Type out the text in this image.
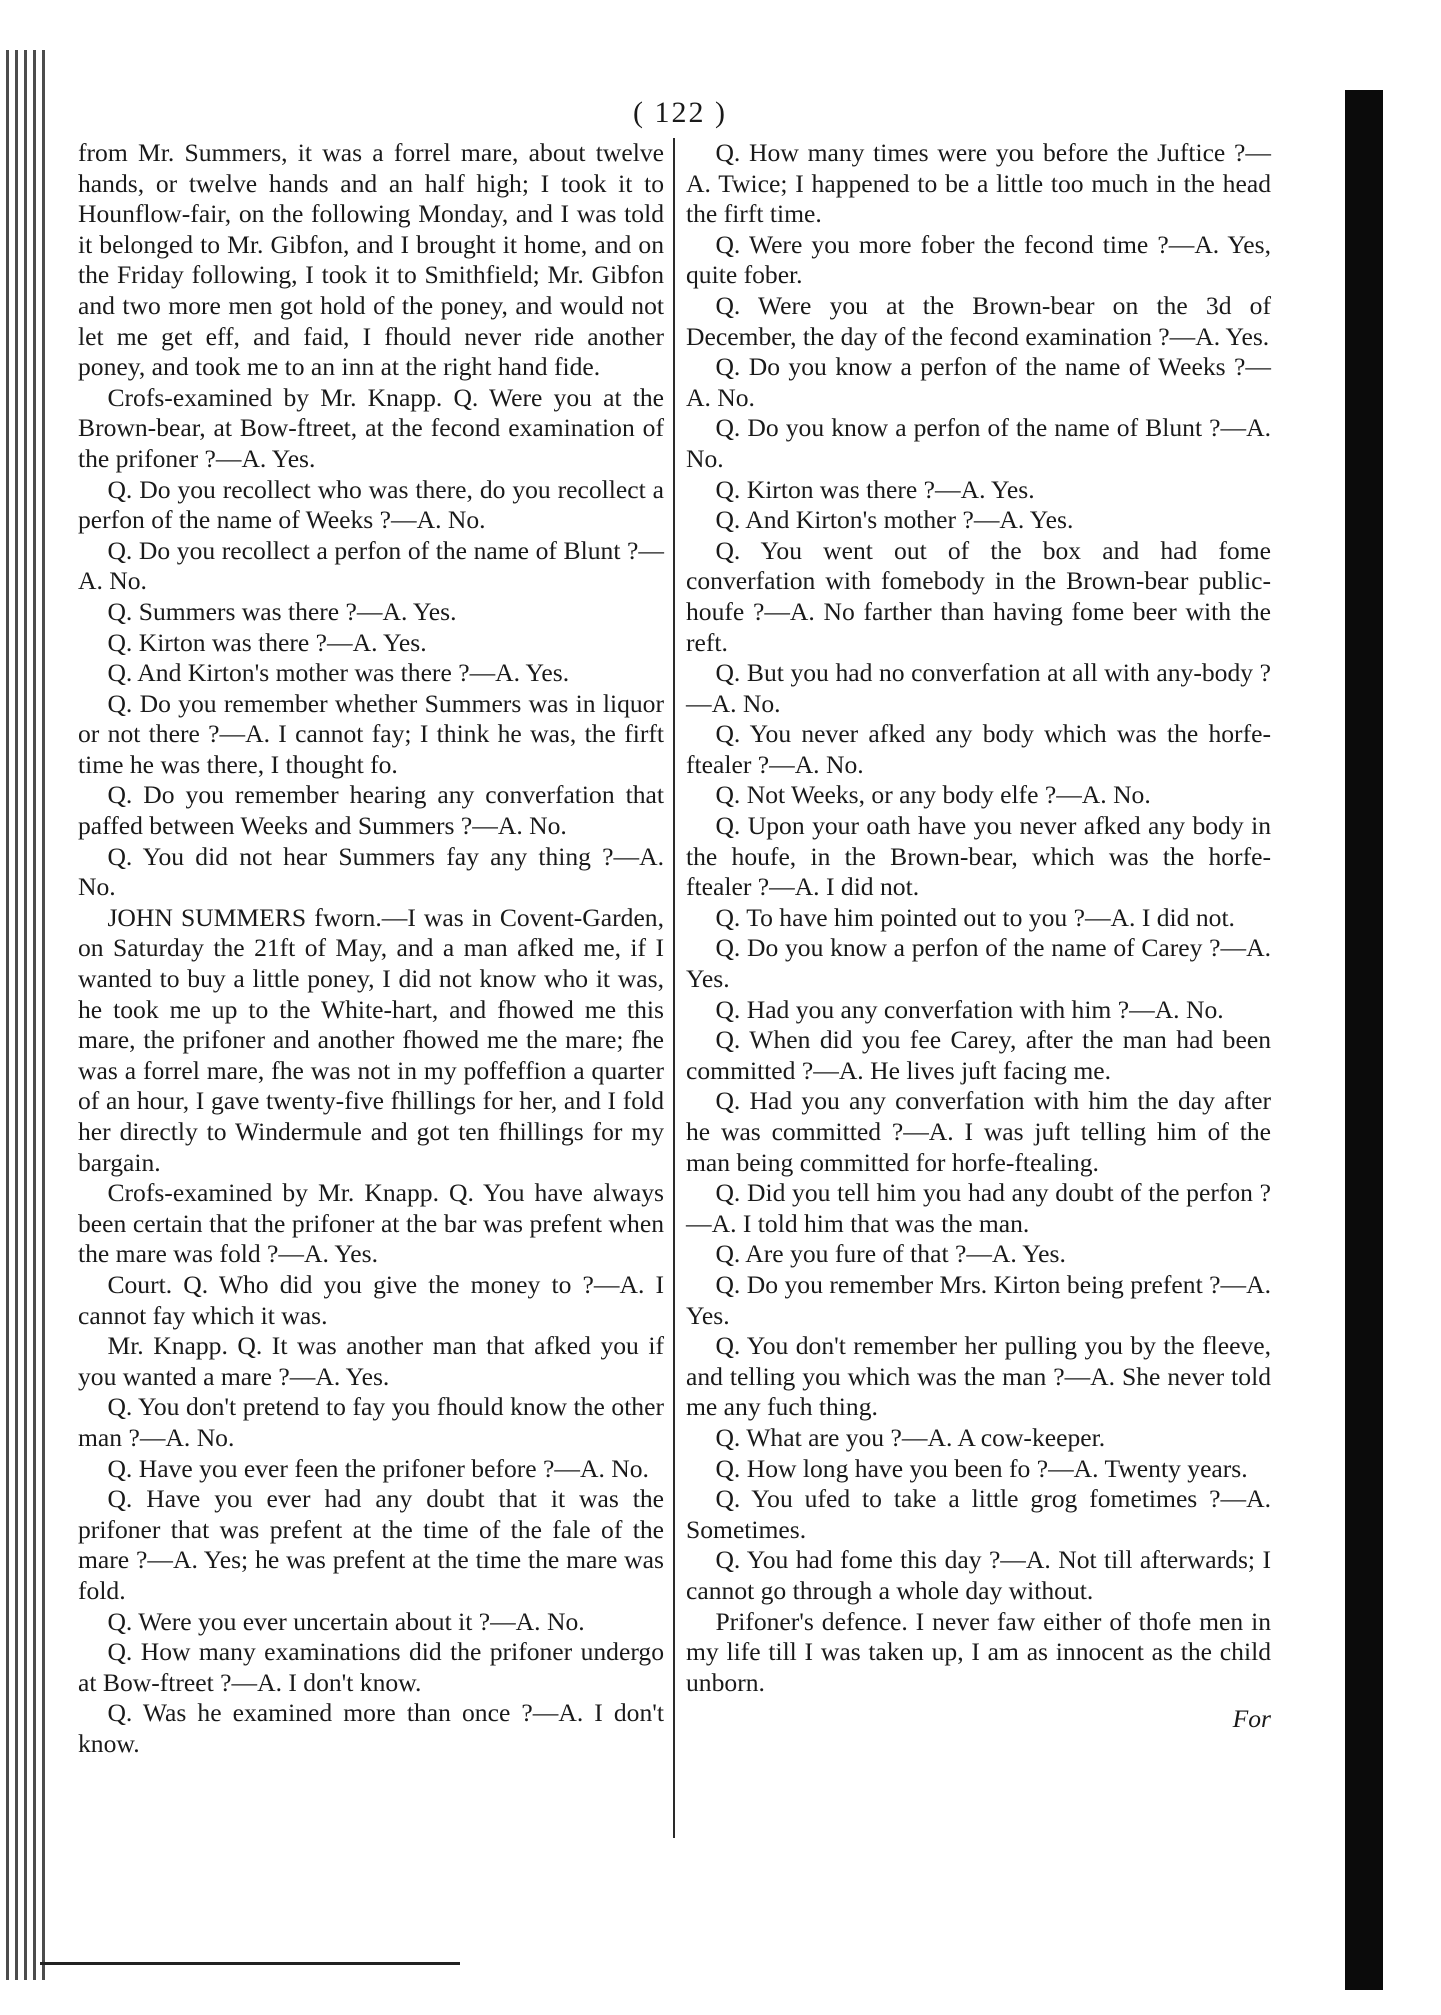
( 122 )

from Mr. Summers, it was a forrel mare, about twelve hands, or twelve hands and an half high; I took it to Hounflow-fair, on the following Monday, and I was told it belonged to Mr. Gibfon, and I brought it home, and on the Friday following, I took it to Smithfield; Mr. Gibfon and two more men got hold of the poney, and would not let me get eff, and faid, I fhould never ride another poney, and took me to an inn at the right hand fide.

Crofs-examined by Mr. Knapp. Q. Were you at the Brown-bear, at Bow-ftreet, at the fecond examination of the prifoner ?—A. Yes.

Q. Do you recollect who was there, do you recollect a perfon of the name of Weeks ?—A. No.

Q. Do you recollect a perfon of the name of Blunt ?—A. No.

Q. Summers was there ?—A. Yes.

Q. Kirton was there ?—A. Yes.

Q. And Kirton's mother was there ?—A. Yes.

Q. Do you remember whether Summers was in liquor or not there ?—A. I cannot fay; I think he was, the firft time he was there, I thought fo.

Q. Do you remember hearing any converfation that paffed between Weeks and Summers ?—A. No.

Q. You did not hear Summers fay any thing ?—A. No.

JOHN SUMMERS fworn.—I was in Covent-Garden, on Saturday the 21ft of May, and a man afked me, if I wanted to buy a little poney, I did not know who it was, he took me up to the White-hart, and fhowed me this mare, the prifoner and another fhowed me the mare; fhe was a forrel mare, fhe was not in my poffeffion a quarter of an hour, I gave twenty-five fhillings for her, and I fold her directly to Windermule and got ten fhillings for my bargain.

Crofs-examined by Mr. Knapp. Q. You have always been certain that the prifoner at the bar was prefent when the mare was fold ?—A. Yes.

Court. Q. Who did you give the money to ?—A. I cannot fay which it was.

Mr. Knapp. Q. It was another man that afked you if you wanted a mare ?—A. Yes.

Q. You don't pretend to fay you fhould know the other man ?—A. No.

Q. Have you ever feen the prifoner before ?—A. No.

Q. Have you ever had any doubt that it was the prifoner that was prefent at the time of the fale of the mare ?—A. Yes; he was prefent at the time the mare was fold.

Q. Were you ever uncertain about it ?—A. No.

Q. How many examinations did the prifoner undergo at Bow-ftreet ?—A. I don't know.

Q. Was he examined more than once ?—A. I don't know.

Q. How many times were you before the Juftice ?—A. Twice; I happened to be a little too much in the head the firft time.

Q. Were you more fober the fecond time ?—A. Yes, quite fober.

Q. Were you at the Brown-bear on the 3d of December, the day of the fecond examination ?—A. Yes.

Q. Do you know a perfon of the name of Weeks ?—A. No.

Q. Do you know a perfon of the name of Blunt ?—A. No.

Q. Kirton was there ?—A. Yes.

Q. And Kirton's mother ?—A. Yes.

Q. You went out of the box and had fome converfation with fomebody in the Brown-bear public-houfe ?—A. No farther than having fome beer with the reft.

Q. But you had no converfation at all with any-body ?—A. No.

Q. You never afked any body which was the horfe-ftealer ?—A. No.

Q. Not Weeks, or any body elfe ?—A. No.

Q. Upon your oath have you never afked any body in the houfe, in the Brown-bear, which was the horfe-ftealer ?—A. I did not.

Q. To have him pointed out to you ?—A. I did not.

Q. Do you know a perfon of the name of Carey ?—A. Yes.

Q. Had you any converfation with him ?—A. No.

Q. When did you fee Carey, after the man had been committed ?—A. He lives juft facing me.

Q. Had you any converfation with him the day after he was committed ?—A. I was juft telling him of the man being committed for horfe-ftealing.

Q. Did you tell him you had any doubt of the perfon ?—A. I told him that was the man.

Q. Are you fure of that ?—A. Yes.

Q. Do you remember Mrs. Kirton being prefent ?—A. Yes.

Q. You don't remember her pulling you by the fleeve, and telling you which was the man ?—A. She never told me any fuch thing.

Q. What are you ?—A. A cow-keeper.

Q. How long have you been fo ?—A. Twenty years.

Q. You ufed to take a little grog fometimes ?—A. Sometimes.

Q. You had fome this day ?—A. Not till afterwards; I cannot go through a whole day without.

Prifoner's defence. I never faw either of thofe men in my life till I was taken up, I am as innocent as the child unborn.

For
